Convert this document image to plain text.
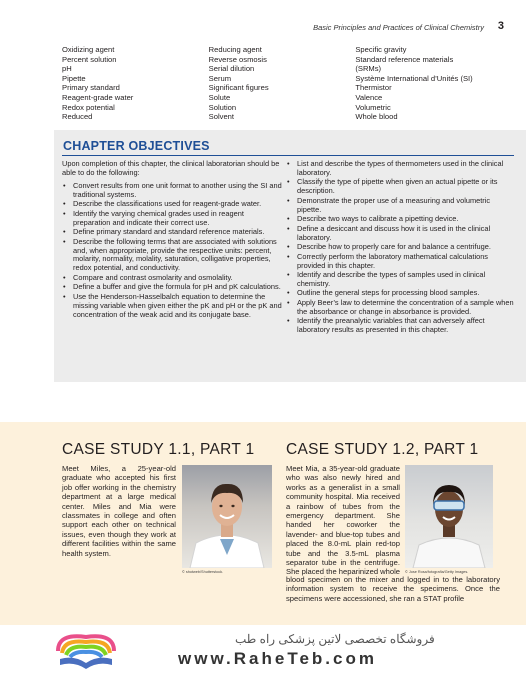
Basic Principles and Practices of Clinical Chemistry 3
Oxidizing agent
Percent solution
pH
Pipette
Primary standard
Reagent-grade water
Redox potential
Reduced
Reducing agent
Reverse osmosis
Serial dilution
Serum
Significant figures
Solute
Solution
Solvent
Specific gravity
Standard reference materials
(SRMs)
Système International d’Unités (SI)
Thermistor
Valence
Volumetric
Whole blood
CHAPTER OBJECTIVES

Upon completion of this chapter, the clinical laboratorian should be able to do the following:

• Convert results from one unit format to another using the SI and traditional systems.
• Describe the classifications used for reagent-grade water.
• Identify the varying chemical grades used in reagent preparation and indicate their correct use.
• Define primary standard and standard reference materials.
• Describe the following terms that are associated with solutions and, when appropriate, provide the respective units: percent, molarity, normality, molality, saturation, colligative properties, redox potential, and conductivity.
• Compare and contrast osmolarity and osmolality.
• Define a buffer and give the formula for pH and pK calculations.
• Use the Henderson-Hasselbalch equation to determine the missing variable when given either the pK and pH or the pK and concentration of the weak acid and its conjugate base.
• List and describe the types of thermometers used in the clinical laboratory.
• Classify the type of pipette when given an actual pipette or its description.
• Demonstrate the proper use of a measuring and volumetric pipette.
• Describe two ways to calibrate a pipetting device.
• Define a desiccant and discuss how it is used in the clinical laboratory.
• Describe how to properly care for and balance a centrifuge.
• Correctly perform the laboratory mathematical calculations provided in this chapter.
• Identify and describe the types of samples used in clinical chemistry.
• Outline the general steps for processing blood samples.
• Apply Beer’s law to determine the concentration of a sample when the absorbance or change in absorbance is provided.
• Identify the preanalytic variables that can adversely affect laboratory results as presented in this chapter.
CASE STUDY 1.1, PART 1

Meet Miles, a 25-year-old graduate who accepted his first job offer working in the chemistry department at a large medical center. Miles and Mia were classmates in college and often support each other on technical issues, even though they work at different facilities within the same health system.

© shotweb/Shutterstock.
CASE STUDY 1.2, PART 1

Meet Mia, a 35-year-old graduate who was also newly hired and works as a generalist in a small community hospital. Mia received a rainbow of tubes from the emergency department. She handed her coworker the lavender- and blue-top tubes and placed the 8.0-mL plain red-top tube and the 3.5-mL plasma separator tube in the centrifuge. She placed the heparinized whole © Jose Rosa/fotografia/Getty Images.

blood specimen on the mixer and logged in to the laboratory information system to receive the specimens. Once the specimens were accessioned, she ran a STAT profile

فروشگاه تخصصی لاتین پزشکی راه طب
www.RaheTeb.com
